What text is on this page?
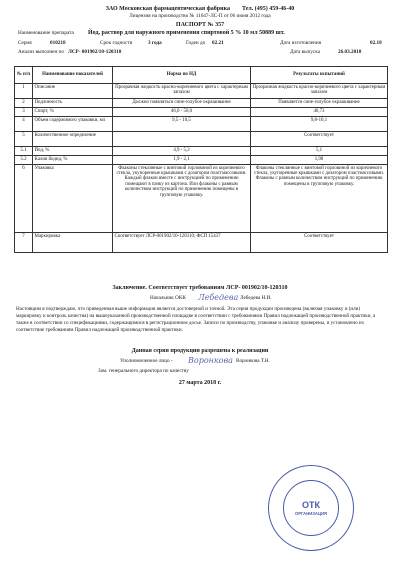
ЗАО Московская фармацевтическая фабрика Тел. (495) 459-46-40
Лицензия на производство № 11647-ЛС-П от 06 июня 2012 года
ПАСПОРТ № 357
Наименование препарата Йод, раствор для наружного применения спиртовой 5 % 10 мл 50889 шт.
Серия	010218	Срок годности	3 года	Годен до 02.21	Дата изготовления	02.18
Анализ выполнен по ЛСР- 001902/10-120310	Дата выпуска	26.03.2018
№ п/п	Наименование показателей	Норма по НД	Результаты испытаний
1	Описание	Прозрачная жидкость красно-коричневого цвета с характерным запахом	Прозрачная жидкость красно-коричневого цвета с характерным запахом
2	Подлинность	Должно появляться сине-голубое окрашивание	Появляется сине-голубое окрашивание
3	Спирт, %	46,0 - 50,0	46,73
4	Объем содержимого упаковки, мл	9,5 - 10,5	9,8-10,1
5	Количественное определение		Соответствует
5.1	Йод, %	4,9 - 5,2	5,1
5.2	Калия йодид, %	1,9 - 2,1	1,98
6	Упаковка	Флаконы стеклянные с винтовой горловиной из коричневого стекла, укупоренные крышками с дозатором пластмассовыми. Каждый флакон вместе с инструкцией по применению помещают в пачку из картона. Или флаконы с равным количеством инструкций по применению помещены в групповую упаковку.	Флаконы стеклянные с винтовой горловиной из коричневого стекла, укупоренные крышками с дозатором пластмассовыми. Флаконы с равным количеством инструкций по применению помещены в групповую упаковку.
7	Маркировка	Соответствует ЛСР-001902/10-120310; ФСП 15437	Соответствует
Заключение. Соответствует требованиям ЛСР- 001902/10-120310
Начальник ОКК Лебедева Лебедева Н.И.
Настоящим я подтверждаю, что приведенная выше информация является достоверной и точной. Эта серия продукции произведена (включая упаковку и (или) маркировку и контроль качества) на вышеуказанной производственной площадке в соответствии с требованиями Правил надлежащей производственной практики, а также в соответствии со спецификациями, содержащимися в регистрационном досье. Записи по производству, упаковке и анализу проверены, и установлено их соответствие требованиям Правил надлежащей производственной практики.
Данная серия продукции разрешена к реализации
Уполномоченное лицо - Воронкова Воронкова Т.Н.
Зам. генерального директора по качеству
27 марта 2018 г.
ОТК
ОРГАНИЗАЦИЯ
